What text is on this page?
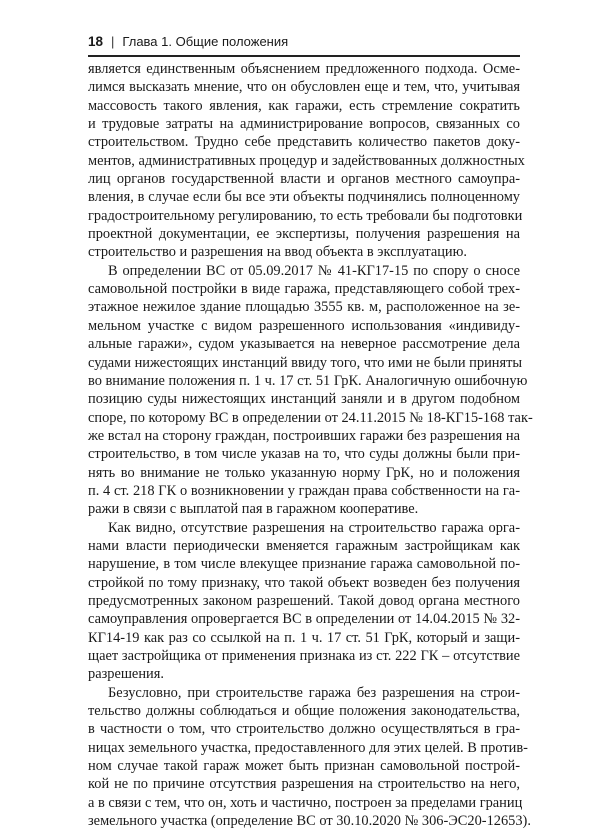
18 | Глава 1. Общие положения

является единственным объяснением предложенного подхода. Осме-
лимся высказать мнение, что он обусловлен еще и тем, что, учитывая
массовость такого явления, как гаражи, есть стремление сократить
и трудовые затраты на администрирование вопросов, связанных со
строительством. Трудно себе представить количество пакетов доку-
ментов, административных процедур и задействованных должностных
лиц органов государственной власти и органов местного самоупра-
вления, в случае если бы все эти объекты подчинялись полноценному
градостроительному регулированию, то есть требовали бы подготовки
проектной документации, ее экспертизы, получения разрешения на
строительство и разрешения на ввод объекта в эксплуатацию.

В определении ВС от 05.09.2017 № 41-КГ17-15 по спору о сносе
самовольной постройки в виде гаража, представляющего собой трех-
этажное нежилое здание площадью 3555 кв. м, расположенное на зе-
мельном участке с видом разрешенного использования «индивиду-
альные гаражи», судом указывается на неверное рассмотрение дела
судами нижестоящих инстанций ввиду того, что ими не были приняты
во внимание положения п. 1 ч. 17 ст. 51 ГрК. Аналогичную ошибочную
позицию суды нижестоящих инстанций заняли и в другом подобном
споре, по которому ВС в определении от 24.11.2015 № 18-КГ15-168 так-
же встал на сторону граждан, построивших гаражи без разрешения на
строительство, в том числе указав на то, что суды должны были при-
нять во внимание не только указанную норму ГрК, но и положения
п. 4 ст. 218 ГК о возникновении у граждан права собственности на га-
ражи в связи с выплатой пая в гаражном кооперативе.

Как видно, отсутствие разрешения на строительство гаража орга-
нами власти периодически вменяется гаражным застройщикам как
нарушение, в том числе влекущее признание гаража самовольной по-
стройкой по тому признаку, что такой объект возведен без получения
предусмотренных законом разрешений. Такой довод органа местного
самоуправления опровергается ВС в определении от 14.04.2015 № 32-
КГ14-19 как раз со ссылкой на п. 1 ч. 17 ст. 51 ГрК, который и защи-
щает застройщика от применения признака из ст. 222 ГК – отсутствие
разрешения.

Безусловно, при строительстве гаража без разрешения на строи-
тельство должны соблюдаться и общие положения законодательства,
в частности о том, что строительство должно осуществляться в гра-
ницах земельного участка, предоставленного для этих целей. В против-
ном случае такой гараж может быть признан самовольной построй-
кой не по причине отсутствия разрешения на строительство на него,
а в связи с тем, что он, хоть и частично, построен за пределами границ
земельного участка (определение ВС от 30.10.2020 № 306-ЭС20-12653).
